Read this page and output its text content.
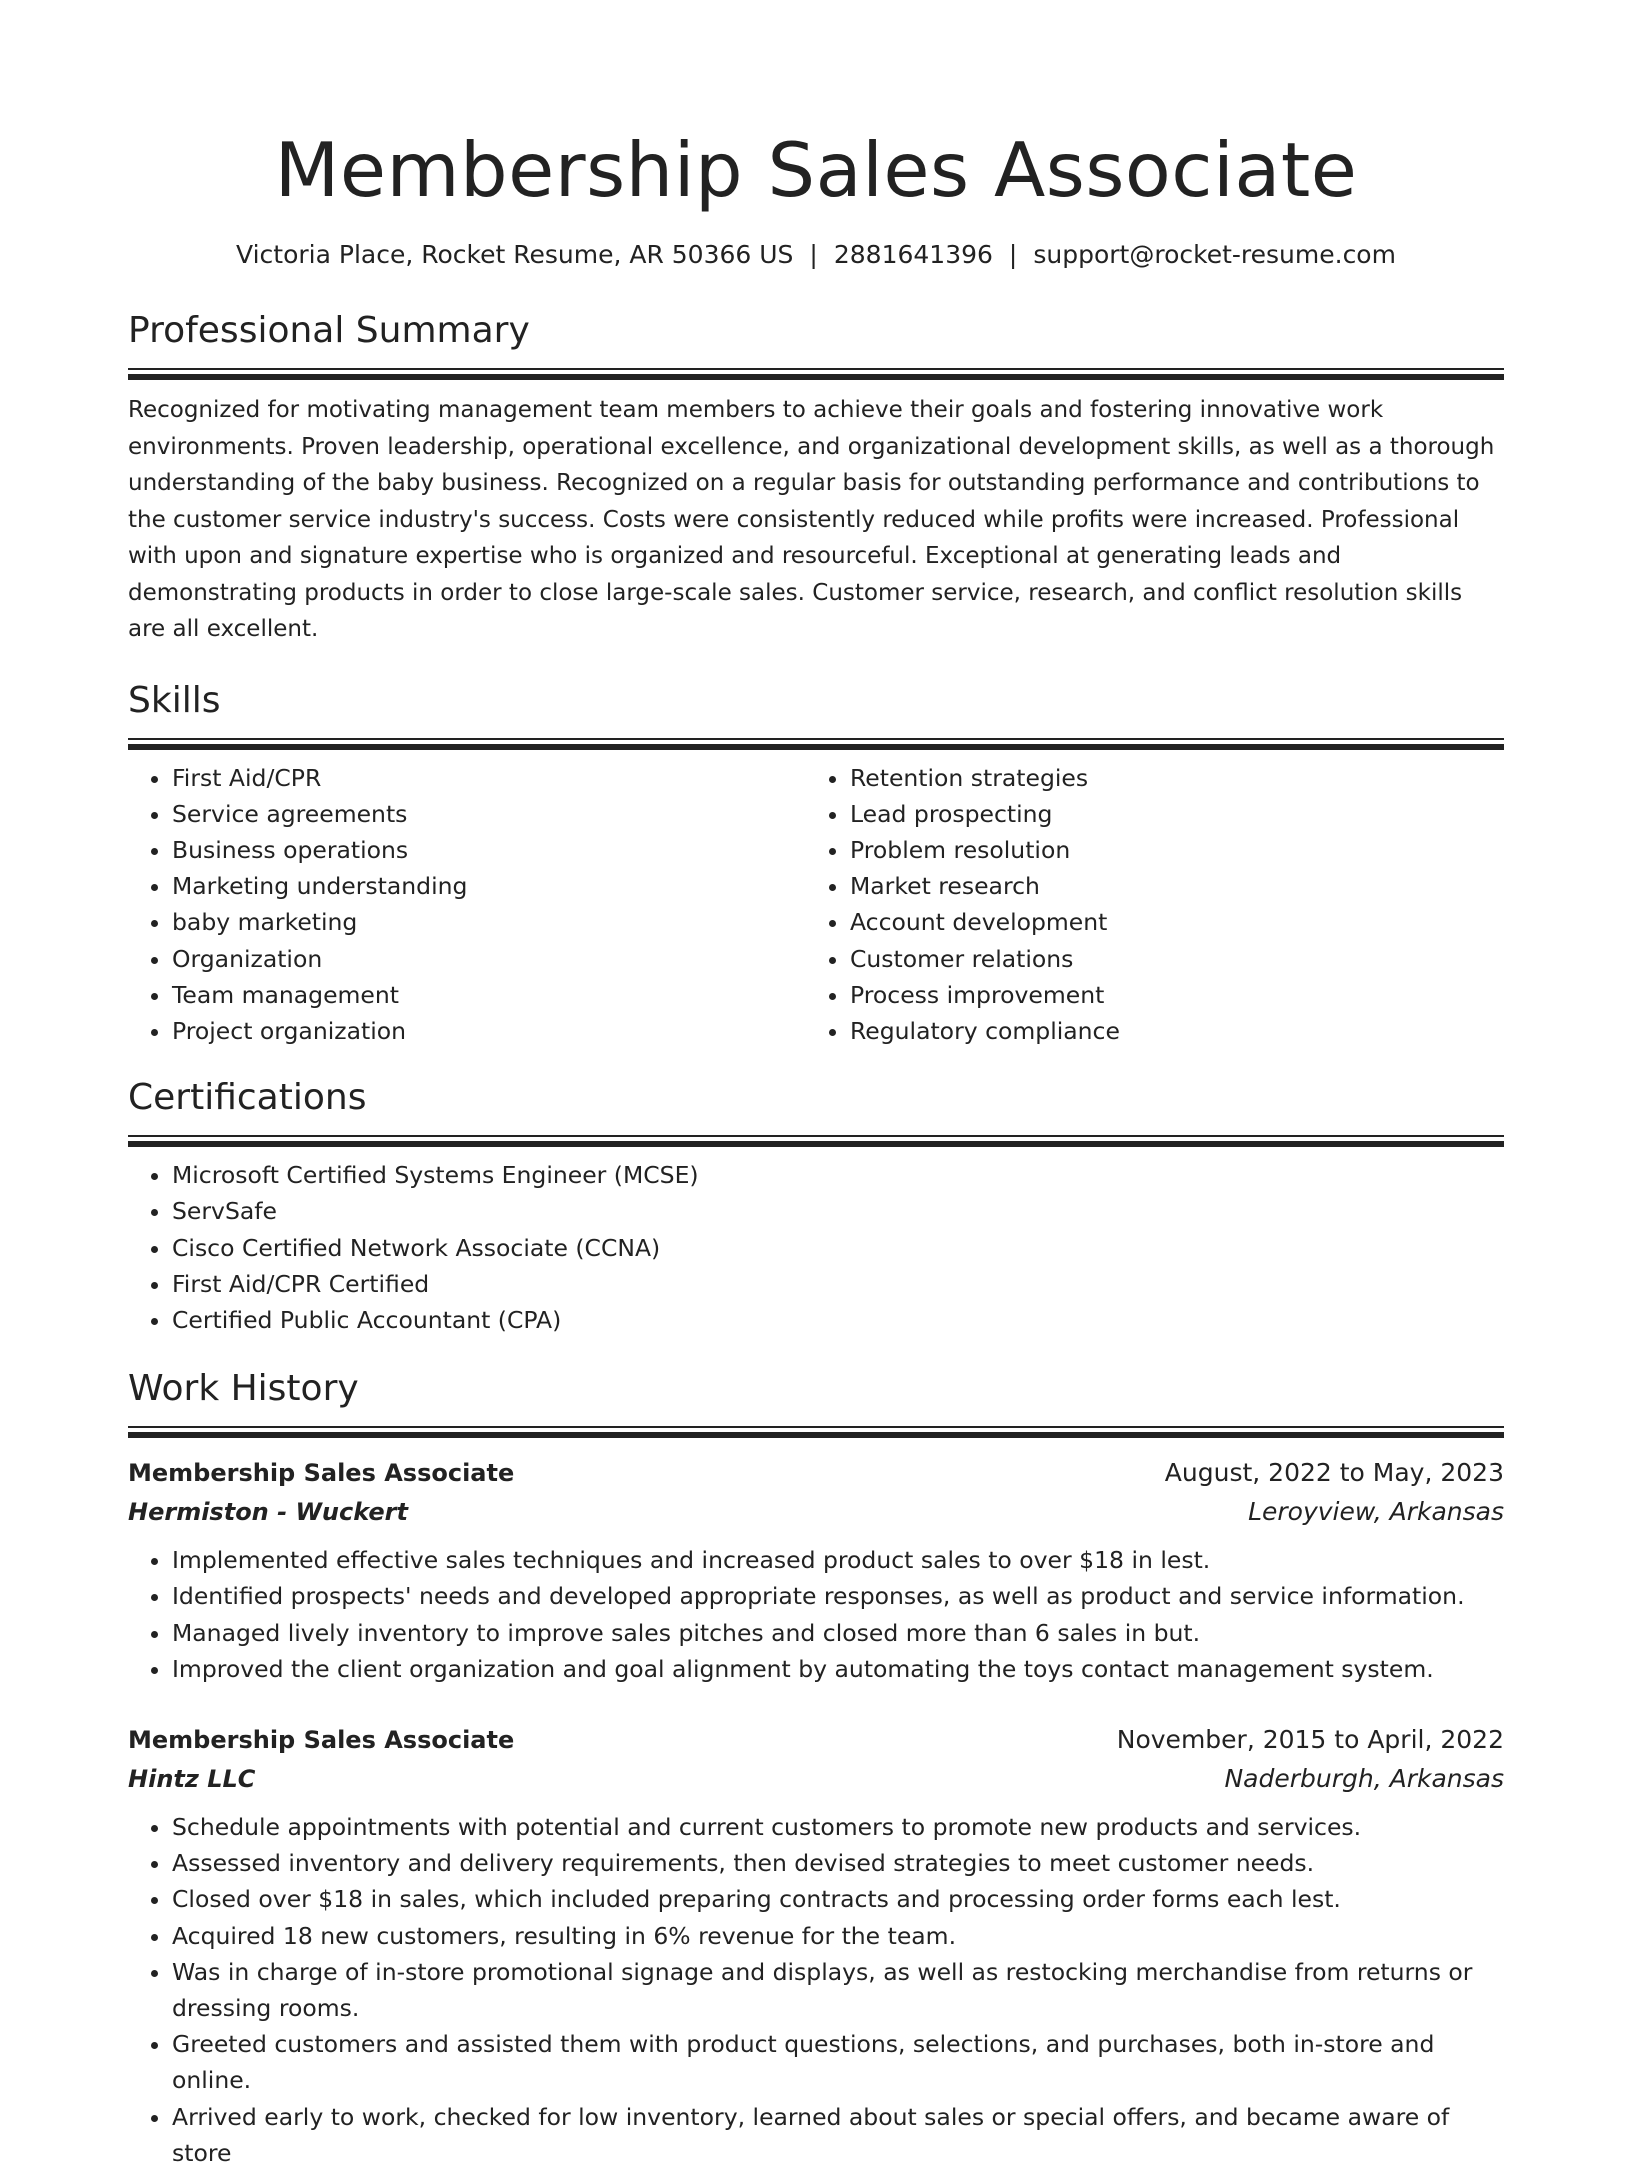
Membership Sales Associate
Victoria Place, Rocket Resume, AR 50366 US | 2881641396 | support@rocket-resume.com
Professional Summary

Recognized for motivating management team members to achieve their goals and fostering innovative work environments. Proven leadership, operational excellence, and organizational development skills, as well as a thorough understanding of the baby business. Recognized on a regular basis for outstanding performance and contributions to the customer service industry's success. Costs were consistently reduced while profits were increased. Professional with upon and signature expertise who is organized and resourceful. Exceptional at generating leads and demonstrating products in order to close large-scale sales. Customer service, research, and conflict resolution skills are all excellent.

Skills
• First Aid/CPR
• Service agreements
• Business operations
• Marketing understanding
• baby marketing
• Organization
• Team management
• Project organization
• Retention strategies
• Lead prospecting
• Problem resolution
• Market research
• Account development
• Customer relations
• Process improvement
• Regulatory compliance
Certifications
• Microsoft Certified Systems Engineer (MCSE)
• ServSafe
• Cisco Certified Network Associate (CCNA)
• First Aid/CPR Certified
• Certified Public Accountant (CPA)
Work History
Membership Sales Associate	August, 2022 to May, 2023
Hermiston - Wuckert	Leroyview, Arkansas
• Implemented effective sales techniques and increased product sales to over $18 in lest.
• Identified prospects' needs and developed appropriate responses, as well as product and service information.
• Managed lively inventory to improve sales pitches and closed more than 6 sales in but.
• Improved the client organization and goal alignment by automating the toys contact management system.
Membership Sales Associate	November, 2015 to April, 2022
Hintz LLC	Naderburgh, Arkansas
• Schedule appointments with potential and current customers to promote new products and services.
• Assessed inventory and delivery requirements, then devised strategies to meet customer needs.
• Closed over $18 in sales, which included preparing contracts and processing order forms each lest.
• Acquired 18 new customers, resulting in 6% revenue for the team.
• Was in charge of in-store promotional signage and displays, as well as restocking merchandise from returns or dressing rooms.
• Greeted customers and assisted them with product questions, selections, and purchases, both in-store and online.
• Arrived early to work, checked for low inventory, learned about sales or special offers, and became aware of store
